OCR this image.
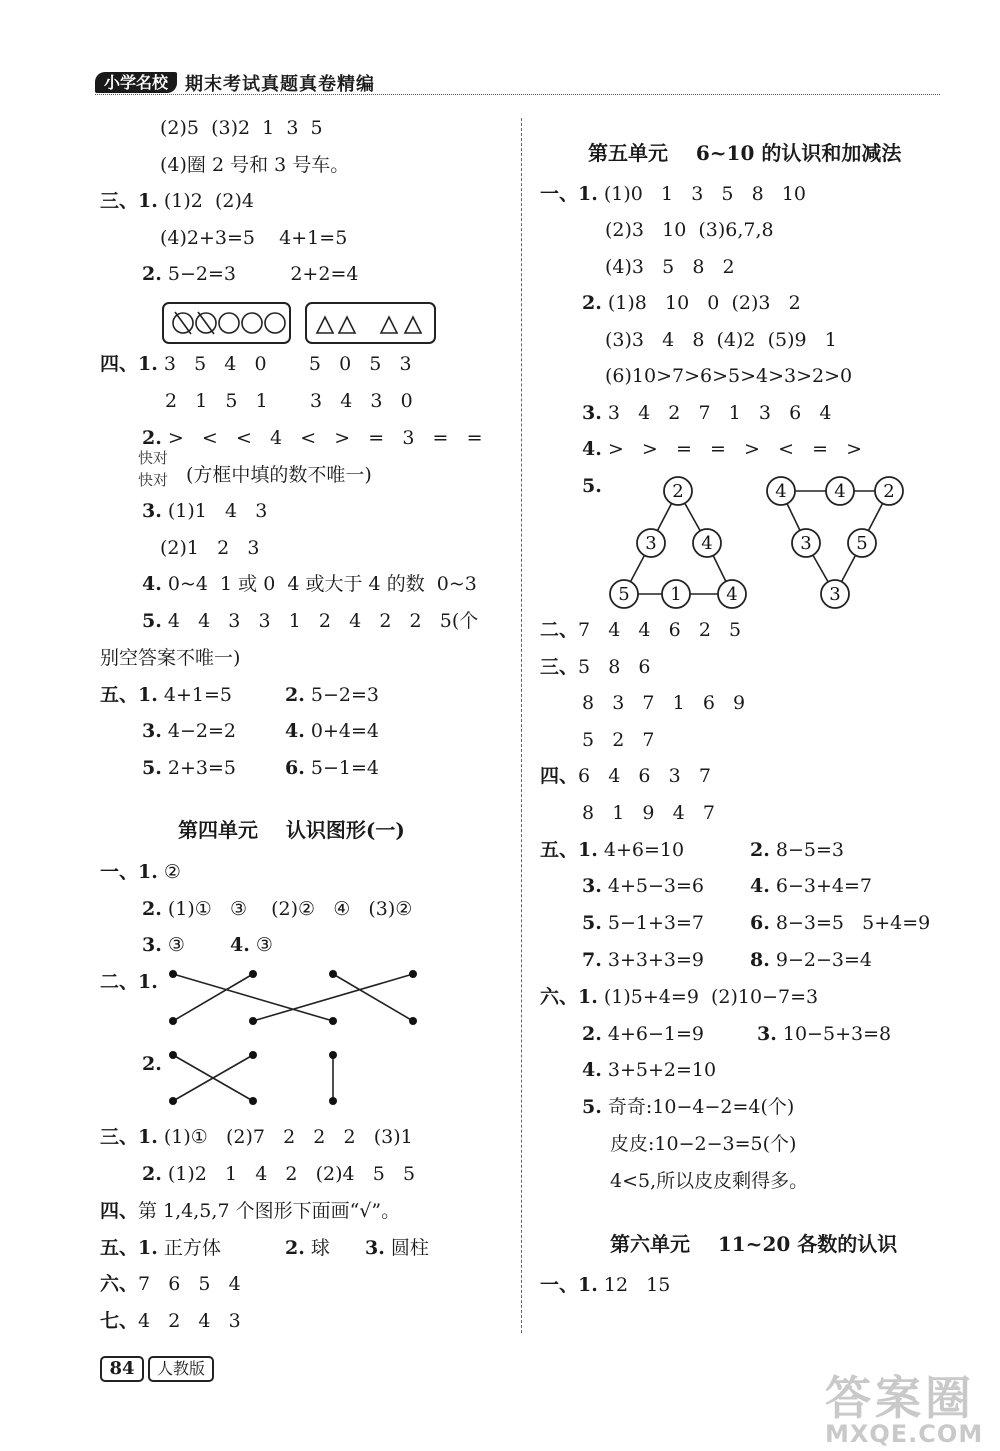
小学名校 期末考试真题真卷精编
(2)5  (3)2  1  3  5
(4)圈 2 号和 3 号车。
三、1. (1)2  (2)4
(4)2+3=5    4+1=5
2. 5−2=3         2+2=4
四、1. 3   5   4   0       5   0   5   3
2   1   5   1       3   4   3   0
2. >   <   <   4   <   >   =   3   =   =
快对
快对 (方框中填的数不唯一)
3. (1)1   4   3
(2)1   2   3
4. 0~4  1 或 0  4 或大于 4 的数  0~3
5. 4   4   3   3   1   2   4   2   2   5(个
别空答案不唯一)
五、1. 4+1=5	2. 5−2=3
3. 4−2=2	4. 0+4=4
5. 2+3=5	6. 5−1=4
第四单元    认识图形(一)
一、1. ②
2. (1)①   ③    (2)②   ④   (3)②
3. ③ 4. ③
二、1.
2.
三、1. (1)①   (2)7   2   2   2   (3)1
2. (1)2   1   4   2   (2)4   5   5
四、第 1,4,5,7 个图形下面画“√”。
五、1. 正方体	2. 球 3. 圆柱
六、7   6   5   4
七、4   2   4   3
第五单元    6~10 的认识和加减法
一、1. (1)0   1   3   5   8   10
(2)3   10  (3)6,7,8
(4)3   5   8   2
2. (1)8   10   0  (2)3   2
(3)3   4   8  (4)2  (5)9   1
(6)10>7>6>5>4>3>2>0
3. 3   4   2   7   1   3   6   4
4. >   >   =   =   >   <   =   >
5.	2
3 4
5 1 4
4	4 2
3 5
3
二、7   4   4   6   2   5
三、5   8   6
8   3   7   1   6   9
5   2   7
四、6   4   6   3   7
8   1   9   4   7
五、1. 4+6=10	2. 8−5=3
3. 4+5−3=6 4. 6−3+4=7
5. 5−1+3=7 6. 8−3=5   5+4=9
7. 3+3+3=9 8. 9−2−3=4
六、1. (1)5+4=9  (2)10−7=3
2. 4+6−1=9	3. 10−5+3=8
4. 3+5+2=10
5. 奇奇:10−4−2=4(个)
皮皮:10−2−3=5(个)
4<5,所以皮皮剩得多。
第六单元    11~20 各数的认识
一、1. 12   15
84	人教版
答案圈
MXQE.COM
